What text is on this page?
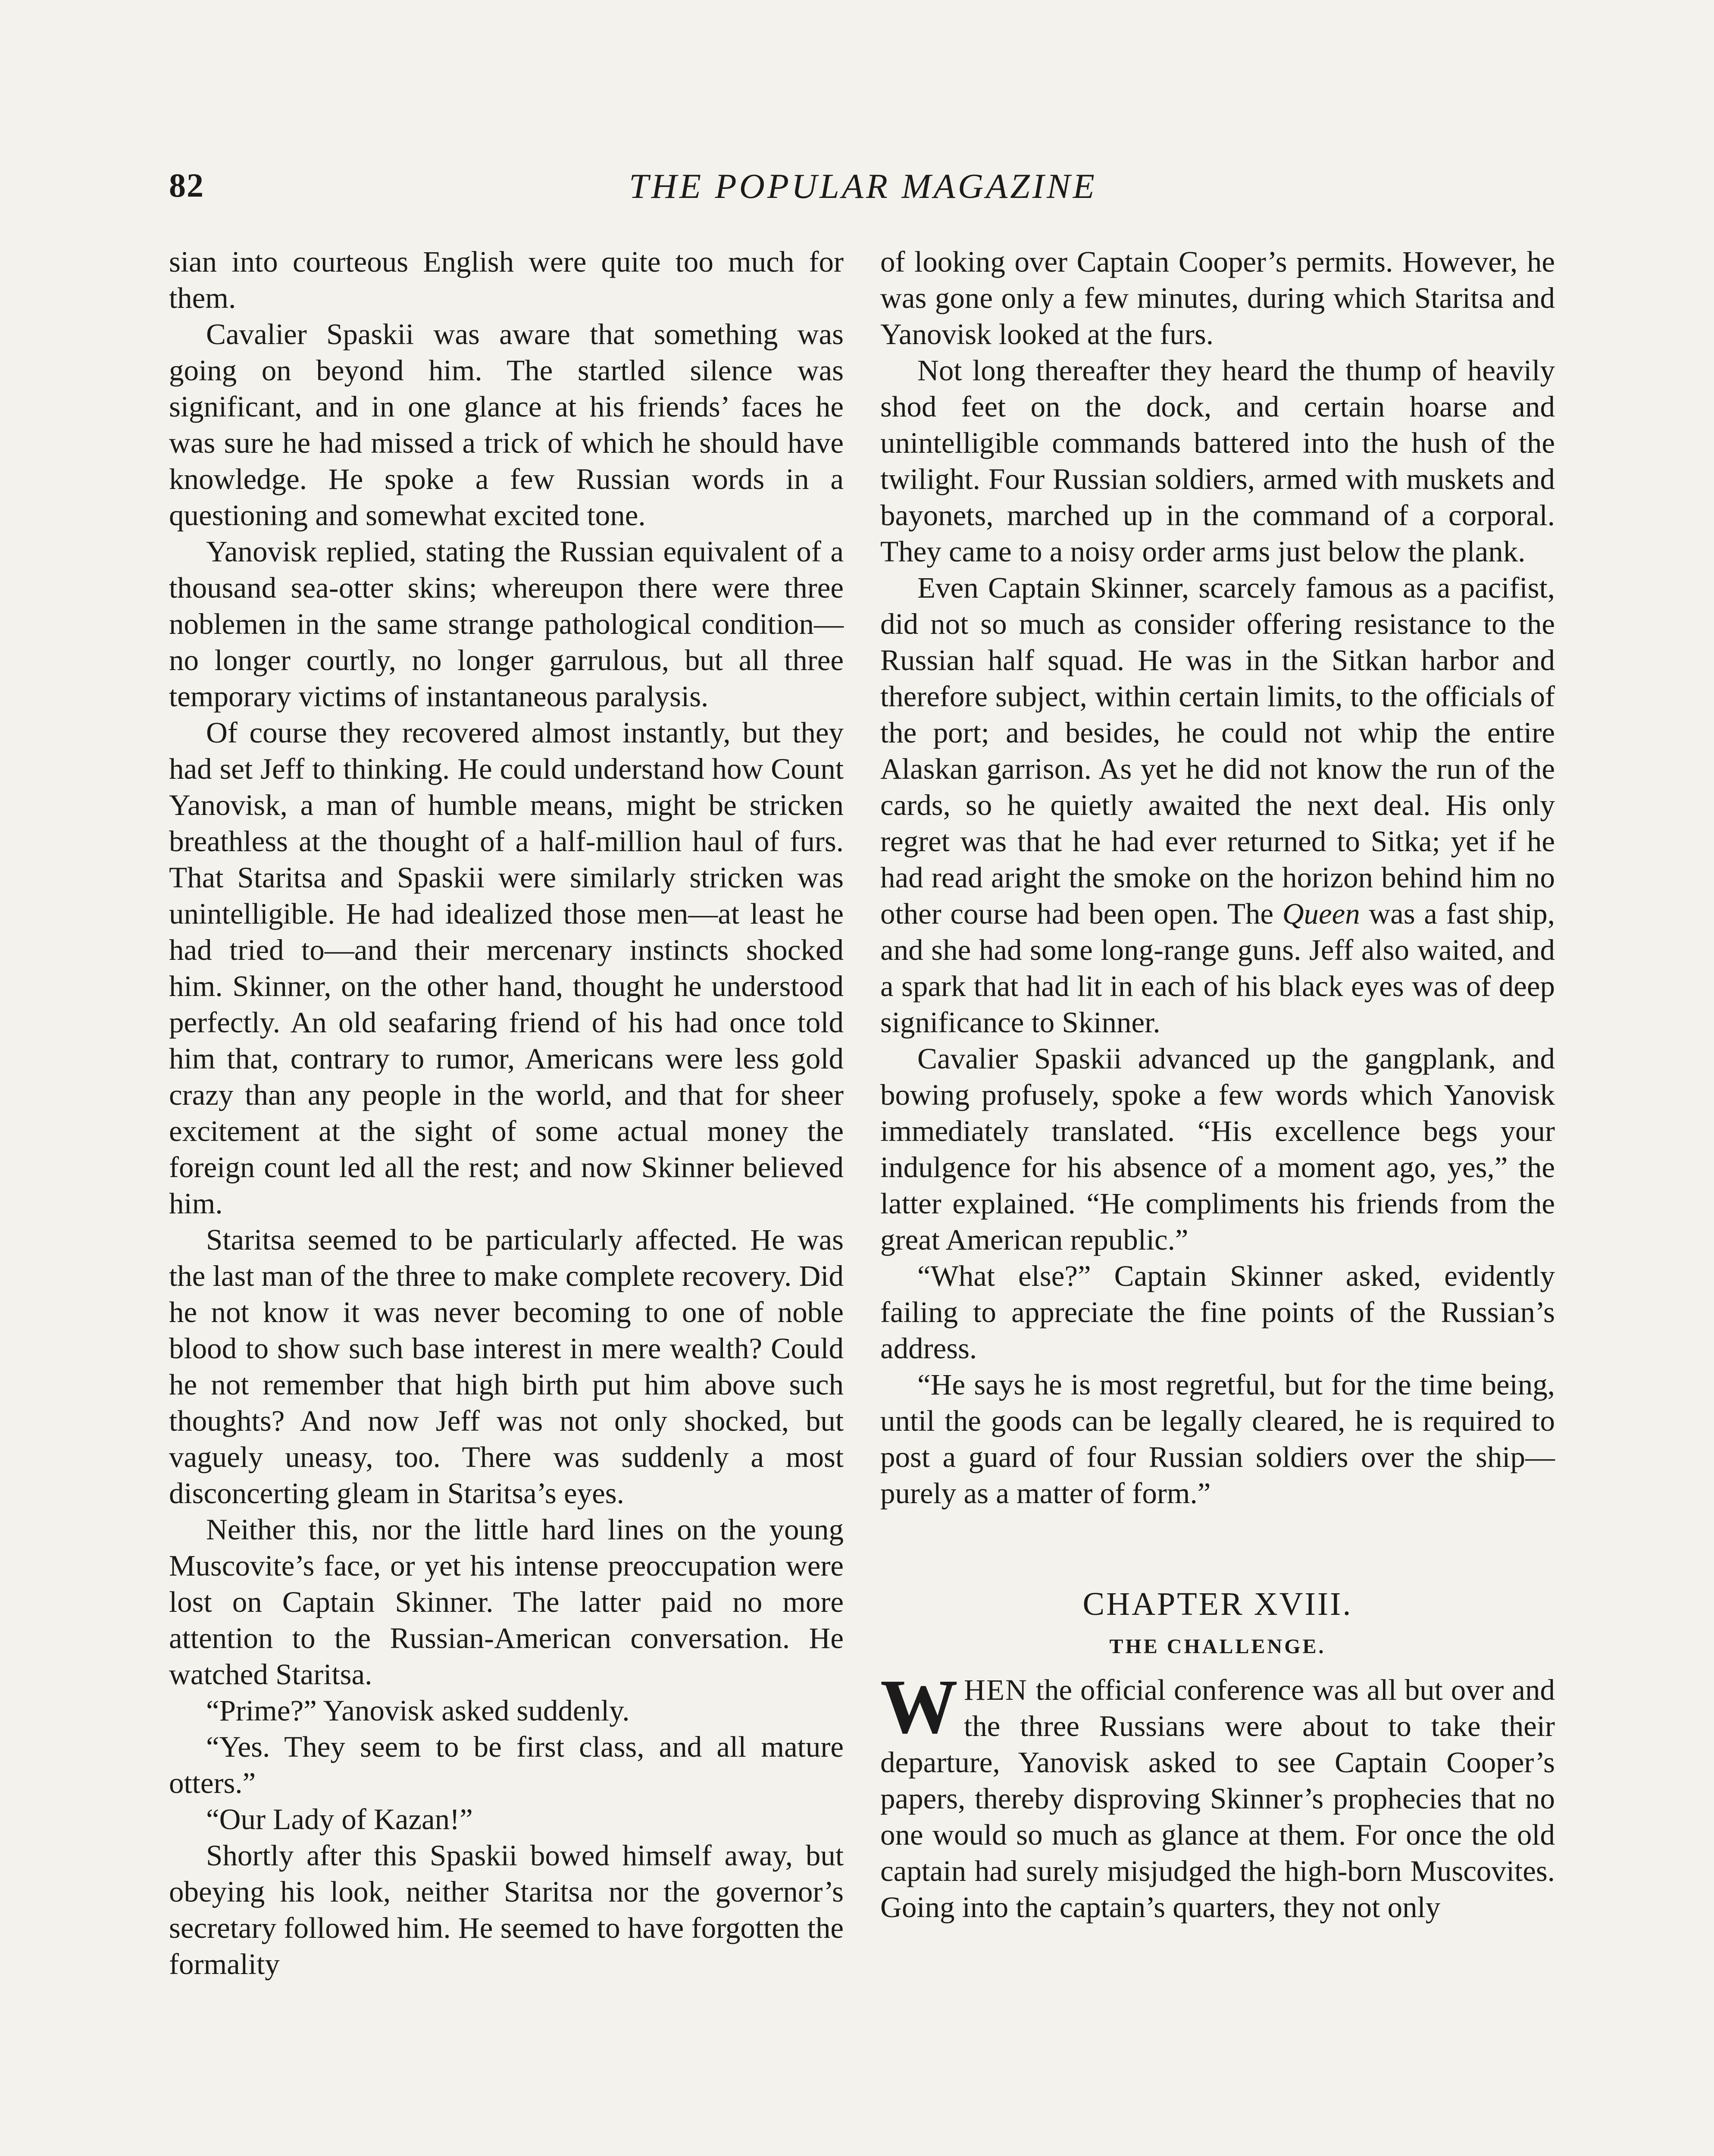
82	THE POPULAR MAGAZINE

sian into courteous English were quite too much for them.

Cavalier Spaskii was aware that something was going on beyond him. The startled silence was significant, and in one glance at his friends’ faces he was sure he had missed a trick of which he should have knowledge. He spoke a few Russian words in a questioning and somewhat excited tone.

Yanovisk replied, stating the Russian equivalent of a thousand sea-otter skins; whereupon there were three noblemen in the same strange pathological condition—no longer courtly, no longer garrulous, but all three temporary victims of instantaneous paralysis.

Of course they recovered almost instantly, but they had set Jeff to thinking. He could understand how Count Yanovisk, a man of humble means, might be stricken breathless at the thought of a half-million haul of furs. That Staritsa and Spaskii were similarly stricken was unintelligible. He had idealized those men—at least he had tried to—and their mercenary instincts shocked him. Skinner, on the other hand, thought he understood perfectly. An old seafaring friend of his had once told him that, contrary to rumor, Americans were less gold crazy than any people in the world, and that for sheer excitement at the sight of some actual money the foreign count led all the rest; and now Skinner believed him.

Staritsa seemed to be particularly affected. He was the last man of the three to make complete recovery. Did he not know it was never becoming to one of noble blood to show such base interest in mere wealth? Could he not remember that high birth put him above such thoughts? And now Jeff was not only shocked, but vaguely uneasy, too. There was suddenly a most disconcerting gleam in Staritsa’s eyes.

Neither this, nor the little hard lines on the young Muscovite’s face, or yet his intense preoccupation were lost on Captain Skinner. The latter paid no more attention to the Russian-American conversation. He watched Staritsa.

“Prime?” Yanovisk asked suddenly.

“Yes. They seem to be first class, and all mature otters.”

“Our Lady of Kazan!”

Shortly after this Spaskii bowed himself away, but obeying his look, neither Staritsa nor the governor’s secretary followed him. He seemed to have forgotten the formality

of looking over Captain Cooper’s permits. However, he was gone only a few minutes, during which Staritsa and Yanovisk looked at the furs.

Not long thereafter they heard the thump of heavily shod feet on the dock, and certain hoarse and unintelligible commands battered into the hush of the twilight. Four Russian soldiers, armed with muskets and bayonets, marched up in the command of a corporal. They came to a noisy order arms just below the plank.

Even Captain Skinner, scarcely famous as a pacifist, did not so much as consider offering resistance to the Russian half squad. He was in the Sitkan harbor and therefore subject, within certain limits, to the officials of the port; and besides, he could not whip the entire Alaskan garrison. As yet he did not know the run of the cards, so he quietly awaited the next deal. His only regret was that he had ever returned to Sitka; yet if he had read aright the smoke on the horizon behind him no other course had been open. The Queen was a fast ship, and she had some long-range guns. Jeff also waited, and a spark that had lit in each of his black eyes was of deep significance to Skinner.

Cavalier Spaskii advanced up the gangplank, and bowing profusely, spoke a few words which Yanovisk immediately translated. “His excellence begs your indulgence for his absence of a moment ago, yes,” the latter explained. “He compliments his friends from the great American republic.”

“What else?” Captain Skinner asked, evidently failing to appreciate the fine points of the Russian’s address.

“He says he is most regretful, but for the time being, until the goods can be legally cleared, he is required to post a guard of four Russian soldiers over the ship—purely as a matter of form.”

CHAPTER XVIII.
THE CHALLENGE.

WHEN the official conference was all but over and the three Russians were about to take their departure, Yanovisk asked to see Captain Cooper’s papers, thereby disproving Skinner’s prophecies that no one would so much as glance at them. For once the old captain had surely misjudged the high-born Muscovites. Going into the captain’s quarters, they not only
